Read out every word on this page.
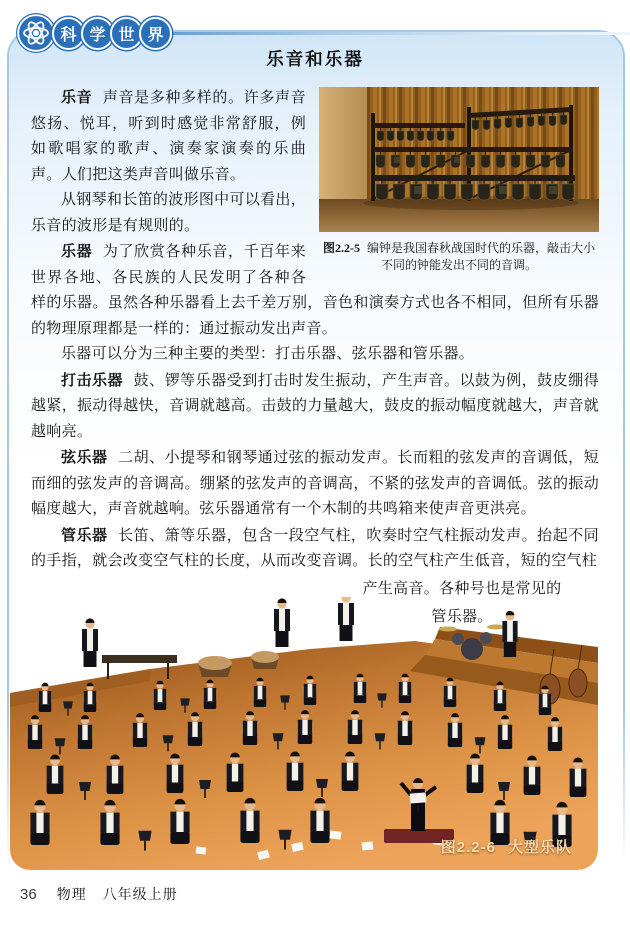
科 学 世 界
乐音和乐器
图2.2-5 编钟是我国春秋战国时代的乐器，敲击大小不同的钟能发出不同的音调。

乐音 声音是多种多样的。许多声音悠扬、悦耳，听到时感觉非常舒服，例如歌唱家的歌声、演奏家演奏的乐曲声。人们把这类声音叫做乐音。

从钢琴和长笛的波形图中可以看出，乐音的波形是有规则的。

乐器 为了欣赏各种乐音，千百年来世界各地、各民族的人民发明了各种各样的乐器。虽然各种乐器看上去千差万别，音色和演奏方式也各不相同，但所有乐器的物理原理都是一样的：通过振动发出声音。

乐器可以分为三种主要的类型：打击乐器、弦乐器和管乐器。

打击乐器 鼓、锣等乐器受到打击时发生振动，产生声音。以鼓为例，鼓皮绷得越紧，振动得越快，音调就越高。击鼓的力量越大，鼓皮的振动幅度就越大，声音就越响亮。

弦乐器 二胡、小提琴和钢琴通过弦的振动发声。长而粗的弦发声的音调低，短而细的弦发声的音调高。绷紧的弦发声的音调高，不紧的弦发声的音调低。弦的振动幅度越大，声音就越响。弦乐器通常有一个木制的共鸣箱来使声音更洪亮。

管乐器 长笛、箫等乐器，包含一段空气柱，吹奏时空气柱振动发声。抬起不同的手指，就会改变空气柱的长度，从而改变音调。长的空气柱产生低音，短的空气柱

产生高音。各种号也是常见的
管乐器。
图2.2-6 大型乐队
36 物理 八年级上册
